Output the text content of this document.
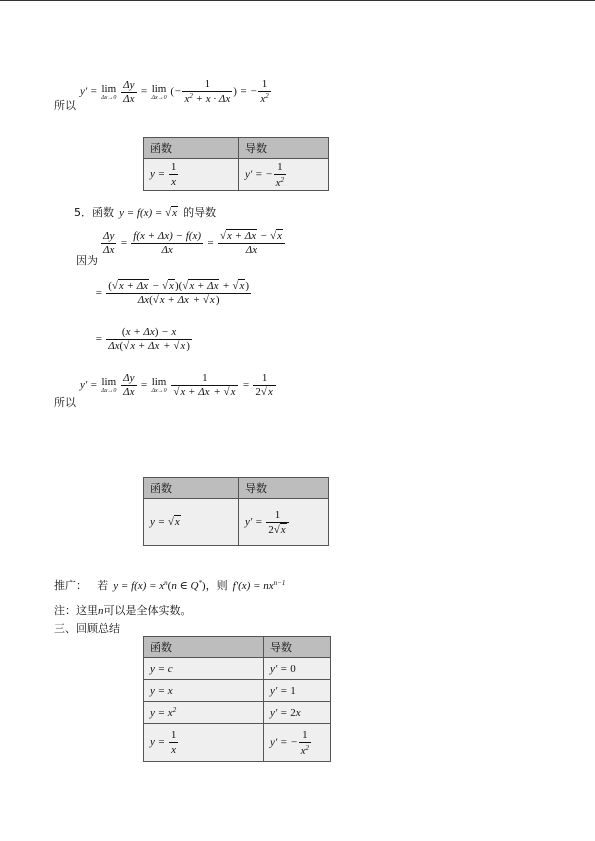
所以
y′ = lim
Δx→0
$\frac{\Delta y}{\Delta x} = \lim$
Δx→0 (− $\frac{1}{x^2 + x \cdot \Delta x}$ ) = − $\frac{1}{x^2}$
函数	导数
$y = \frac{1}{x}$	y′ = − $\frac{1}{x^2}$
5．函数 y = f(x) = √x 的导数
因为
$\frac{\Delta y}{\Delta x} = \frac{f(x + \Delta x) - f(x)}{\Delta x} = \frac{√x + \Delta x - √x}{\Delta x}$
= $\frac{(√x + \Delta x - √x)(√x + \Delta x + √x)}{\Delta x(√x + \Delta x + √x)}$
= $\frac{(x + \Delta x) - x}{\Delta x(√x + \Delta x + √x)}$
所以
y′ = lim
Δx→0
$\frac{\Delta y}{\Delta x} = \lim$
Δx→0
$\frac{1}{√x + \Delta x + √x} = \frac{1}{2√x}$
函数	导数
y = √x	$y' = \frac{1}{2√x}$
推广： 若 $y = f(x) = x^n(n$ ∈ Q*)，则 $f'(x) = nx^{n-1}$
注：这里n可以是全体实数。
三、回顾总结
函数	导数
y = c	y′ = 0
y = x	y′ = 1
$y = x^2$	y′ = 2x
$y = \frac{1}{x}$	y′ = − $\frac{1}{x^2}$
